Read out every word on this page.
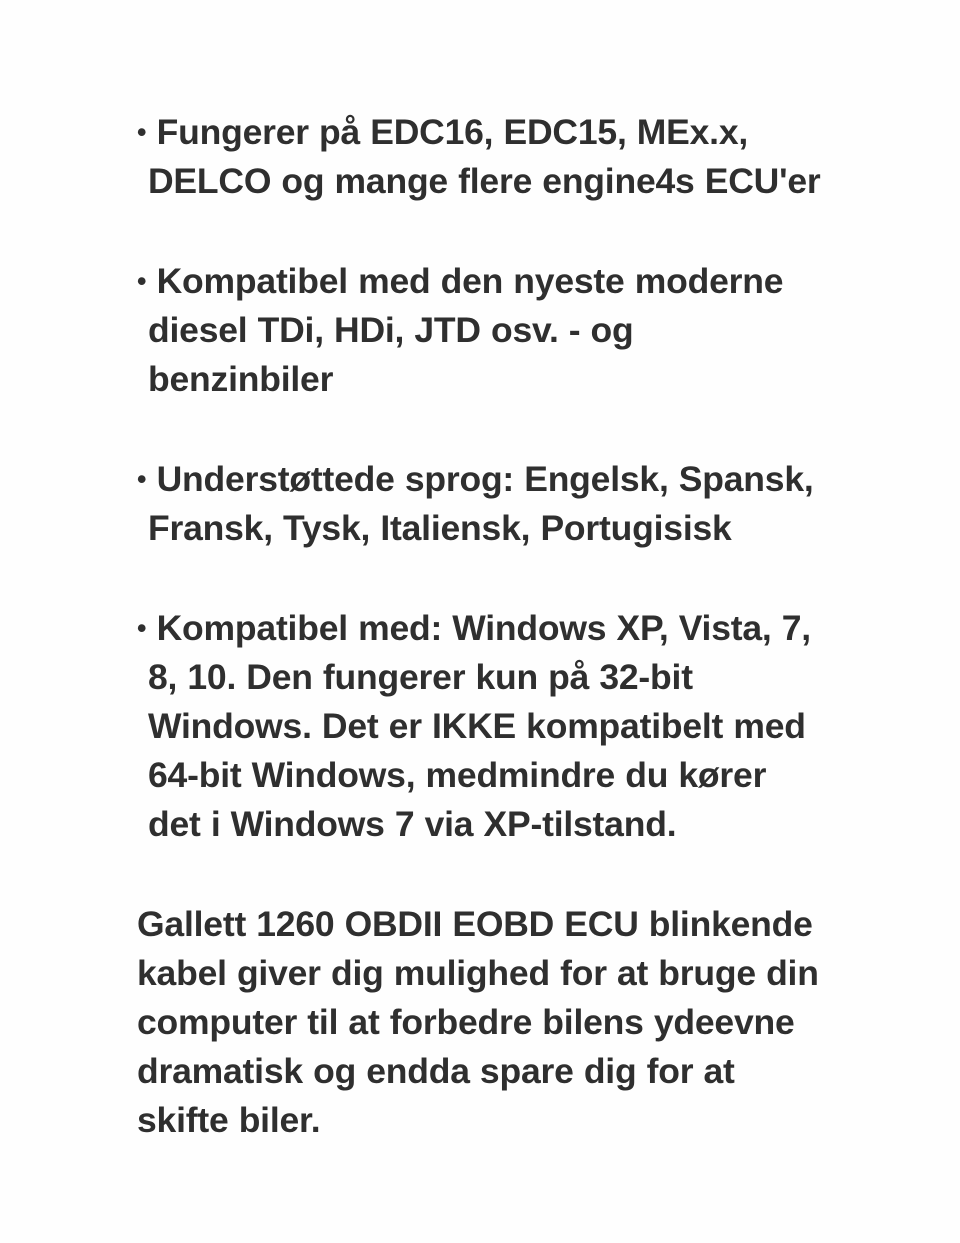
• Fungerer på EDC16, EDC15, MEx.x, DELCO og mange flere engine4s ECU'er

• Kompatibel med den nyeste moderne diesel TDi, HDi, JTD osv. - og benzinbiler

• Understøttede sprog: Engelsk, Spansk, Fransk, Tysk, Italiensk, Portugisisk

• Kompatibel med: Windows XP, Vista, 7, 8, 10. Den fungerer kun på 32-bit Windows. Det er IKKE kompatibelt med 64-bit Windows, medmindre du kører det i Windows 7 via XP-tilstand.

Gallett 1260 OBDII EOBD ECU blinkende kabel giver dig mulighed for at bruge din computer til at forbedre bilens ydeevne dramatisk og endda spare dig for at skifte biler.
